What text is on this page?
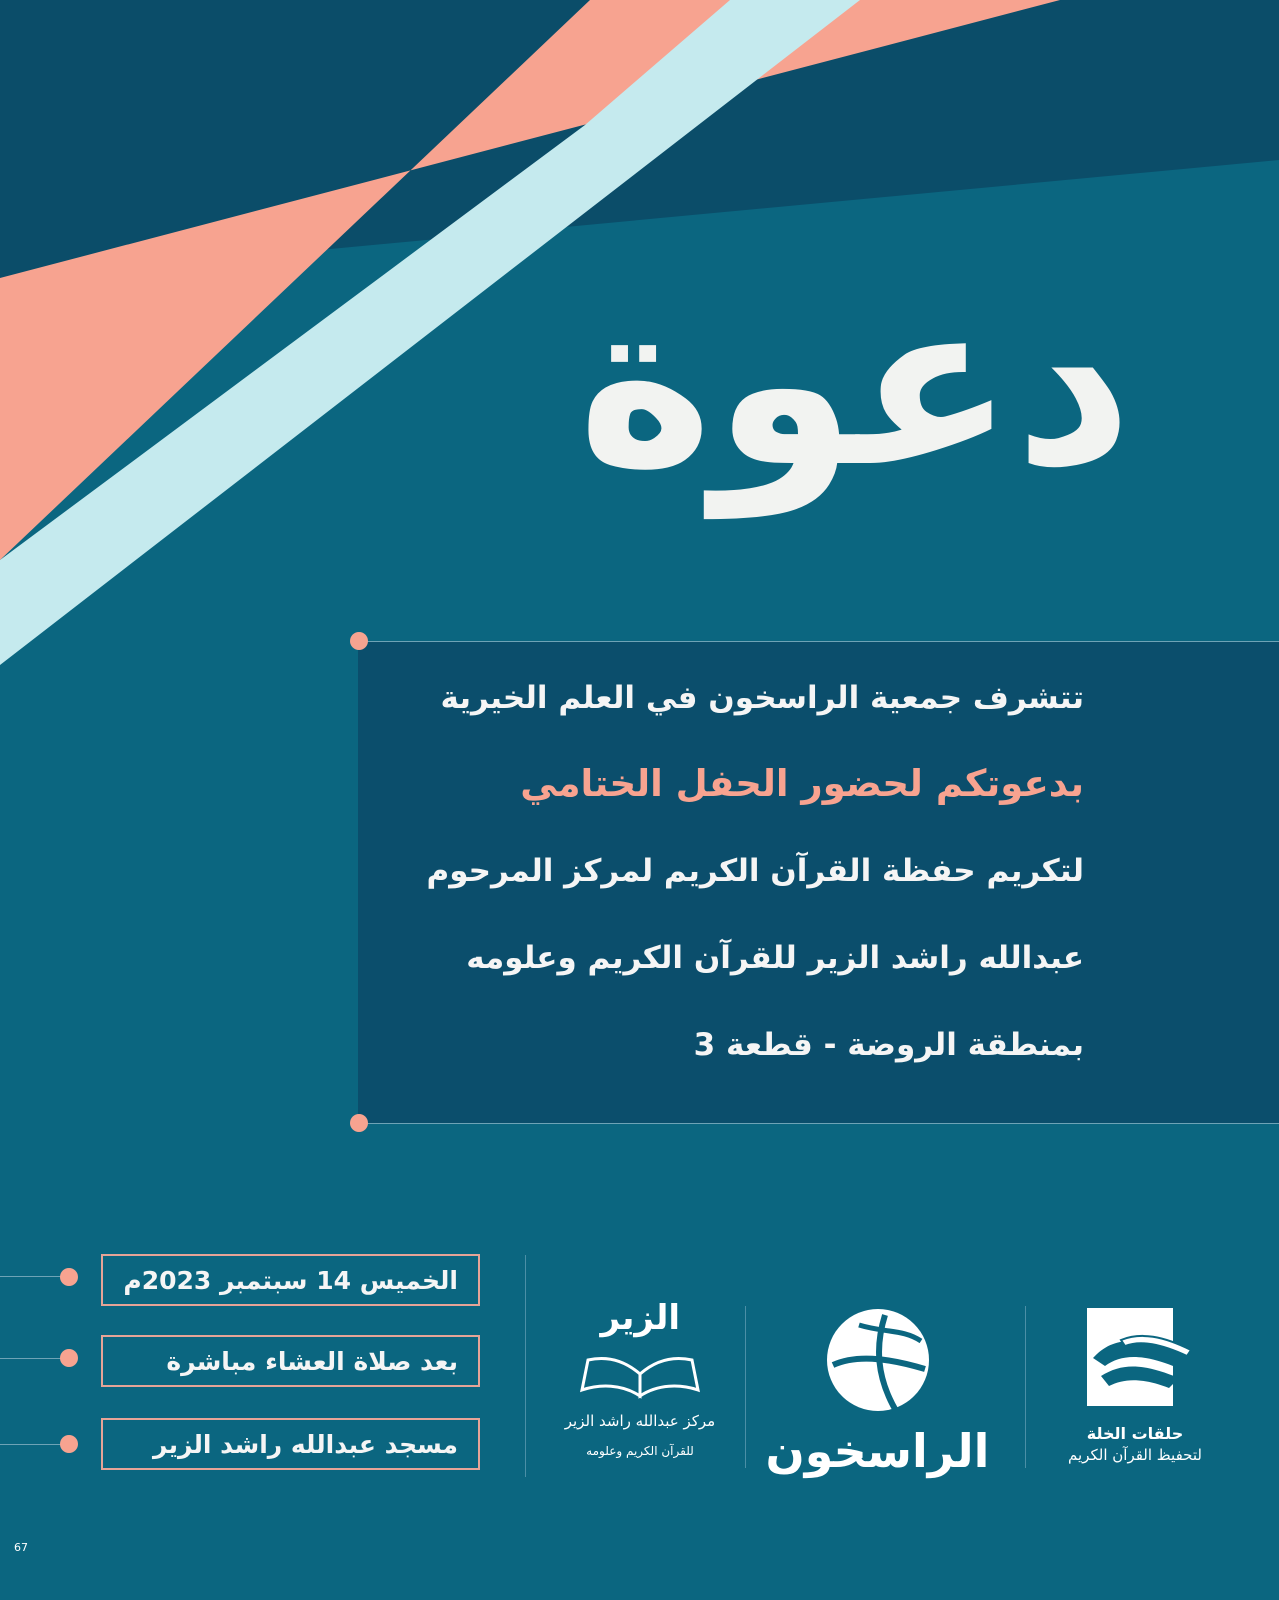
دعوة
تتشرف جمعية الراسخون في العلم الخيرية
بدعوتكم لحضور الحفل الختامي
لتكريم حفظة القرآن الكريم لمركز المرحوم
عبدالله راشد الزير للقرآن الكريم وعلومه
بمنطقة الروضة - قطعة 3
الخميس 14 سبتمبر 2023م
بعد صلاة العشاء مباشرة
مسجد عبدالله راشد الزير	حلقات الخلة
لتحفيظ القرآن الكريم
الراسخون
الزير
مركز عبدالله راشد الزير
للقرآن الكريم وعلومه
67
